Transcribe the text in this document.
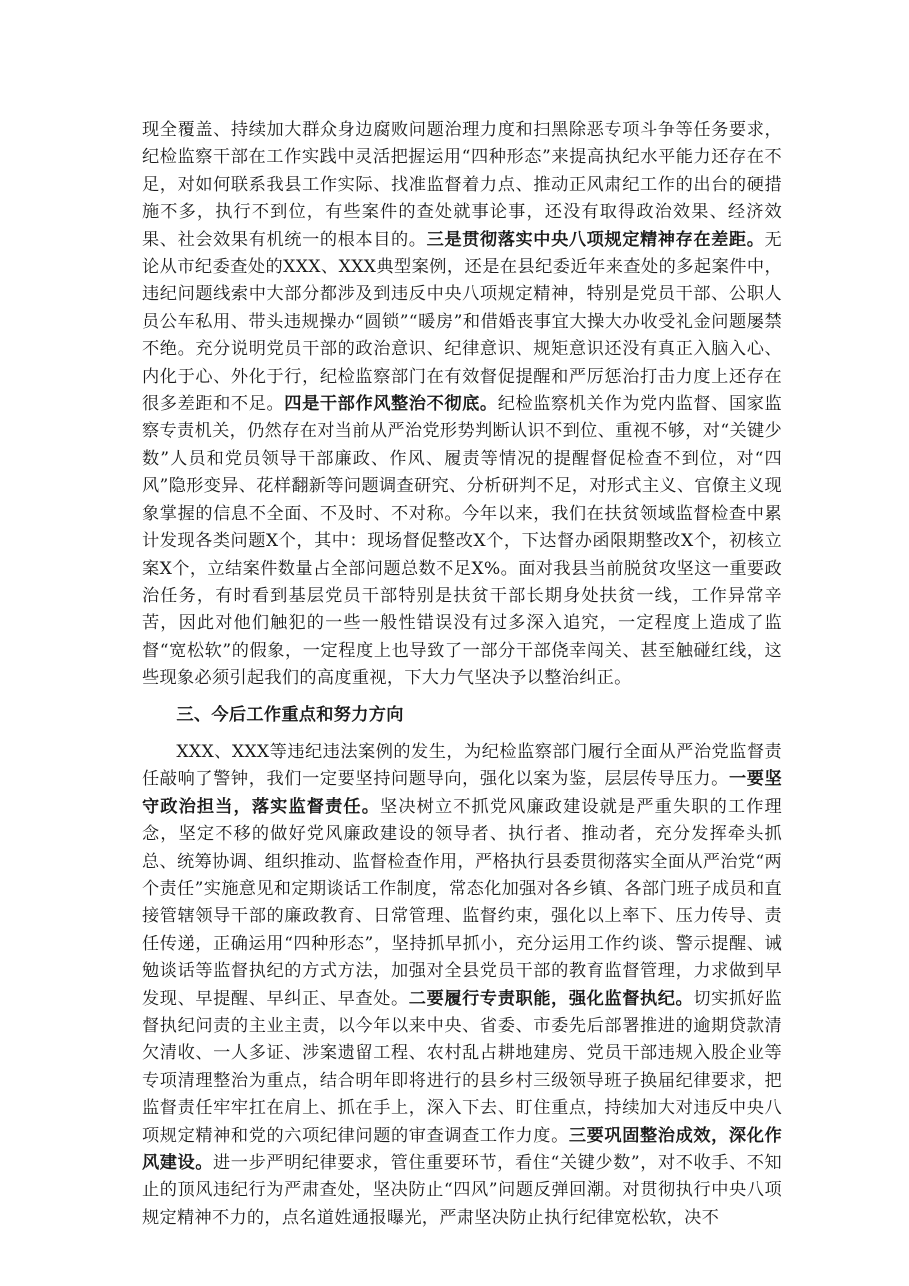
现全覆盖、持续加大群众身边腐败问题治理力度和扫黑除恶专项斗争等任务要求，纪检监察干部在工作实践中灵活把握运用“四种形态”来提高执纪水平能力还存在不足，对如何联系我县工作实际、找准监督着力点、推动正风肃纪工作的出台的硬措施不多，执行不到位，有些案件的查处就事论事，还没有取得政治效果、经济效果、社会效果有机统一的根本目的。三是贯彻落实中央八项规定精神存在差距。无论从市纪委查处的XXX、XXX典型案例，还是在县纪委近年来查处的多起案件中，违纪问题线索中大部分都涉及到违反中央八项规定精神，特别是党员干部、公职人员公车私用、带头违规操办“圆锁”“暖房”和借婚丧事宜大操大办收受礼金问题屡禁不绝。充分说明党员干部的政治意识、纪律意识、规矩意识还没有真正入脑入心、内化于心、外化于行，纪检监察部门在有效督促提醒和严厉惩治打击力度上还存在很多差距和不足。四是干部作风整治不彻底。纪检监察机关作为党内监督、国家监察专责机关，仍然存在对当前从严治党形势判断认识不到位、重视不够，对“关键少数”人员和党员领导干部廉政、作风、履责等情况的提醒督促检查不到位，对“四风”隐形变异、花样翻新等问题调查研究、分析研判不足，对形式主义、官僚主义现象掌握的信息不全面、不及时、不对称。今年以来，我们在扶贫领域监督检查中累计发现各类问题X个，其中：现场督促整改X个，下达督办函限期整改X个，初核立案X个，立结案件数量占全部问题总数不足X%。面对我县当前脱贫攻坚这一重要政治任务，有时看到基层党员干部特别是扶贫干部长期身处扶贫一线，工作异常辛苦，因此对他们触犯的一些一般性错误没有过多深入追究，一定程度上造成了监督“宽松软”的假象，一定程度上也导致了一部分干部侥幸闯关、甚至触碰红线，这些现象必须引起我们的高度重视，下大力气坚决予以整治纠正。

三、今后工作重点和努力方向

XXX、XXX等违纪违法案例的发生，为纪检监察部门履行全面从严治党监督责任敲响了警钟，我们一定要坚持问题导向，强化以案为鉴，层层传导压力。一要坚守政治担当，落实监督责任。坚决树立不抓党风廉政建设就是严重失职的工作理念，坚定不移的做好党风廉政建设的领导者、执行者、推动者，充分发挥牵头抓总、统筹协调、组织推动、监督检查作用，严格执行县委贯彻落实全面从严治党“两个责任”实施意见和定期谈话工作制度，常态化加强对各乡镇、各部门班子成员和直接管辖领导干部的廉政教育、日常管理、监督约束，强化以上率下、压力传导、责任传递，正确运用“四种形态”，坚持抓早抓小，充分运用工作约谈、警示提醒、诫勉谈话等监督执纪的方式方法，加强对全县党员干部的教育监督管理，力求做到早发现、早提醒、早纠正、早查处。二要履行专责职能，强化监督执纪。切实抓好监督执纪问责的主业主责，以今年以来中央、省委、市委先后部署推进的逾期贷款清欠清收、一人多证、涉案遗留工程、农村乱占耕地建房、党员干部违规入股企业等专项清理整治为重点，结合明年即将进行的县乡村三级领导班子换届纪律要求，把监督责任牢牢扛在肩上、抓在手上，深入下去、盯住重点，持续加大对违反中央八项规定精神和党的六项纪律问题的审查调查工作力度。三要巩固整治成效，深化作风建设。进一步严明纪律要求，管住重要环节，看住“关键少数”，对不收手、不知止的顶风违纪行为严肃查处，坚决防止“四风”问题反弹回潮。对贯彻执行中央八项规定精神不力的，点名道姓通报曝光，严肃坚决防止执行纪律宽松软，决不
